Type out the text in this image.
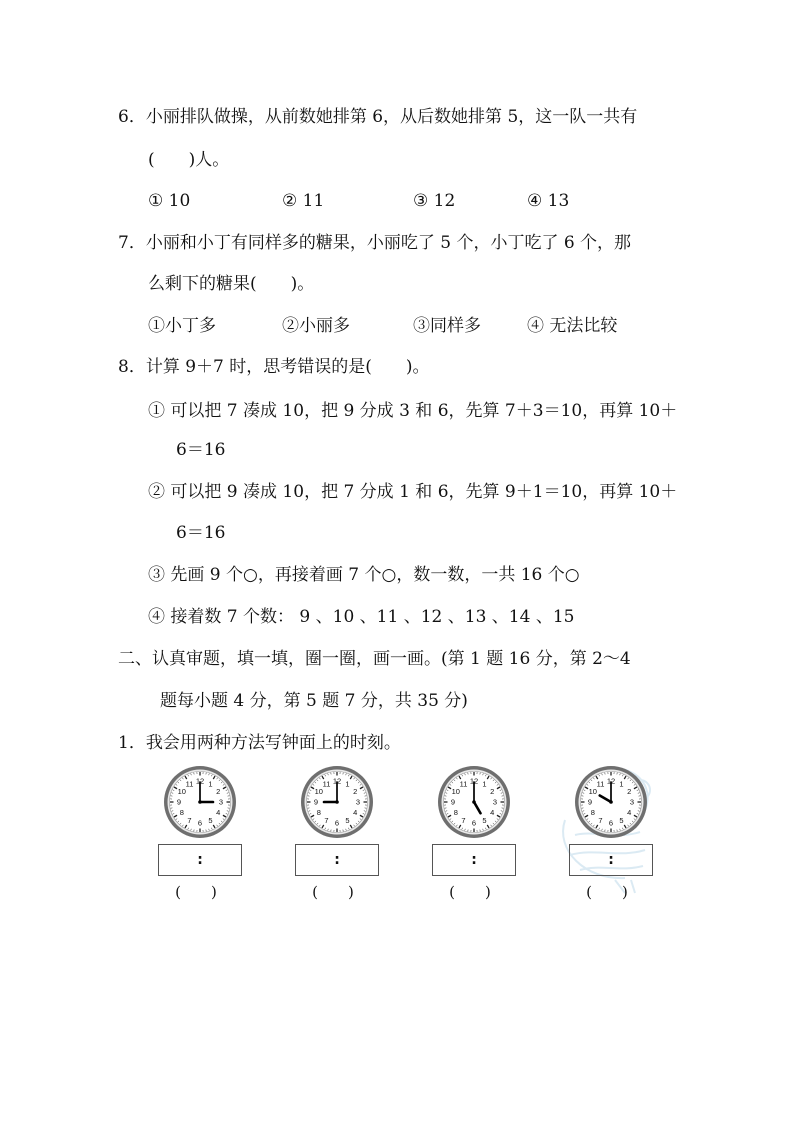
6．小丽排队做操，从前数她排第 6，从后数她排第 5，这一队一共有
(　　)人。
① 10	② 11	③ 12	④ 13
7．小丽和小丁有同样多的糖果，小丽吃了 5 个，小丁吃了 6 个，那
么剩下的糖果(　　)。
①小丁多	②小丽多	③同样多	④ 无法比较
8．计算 9＋7 时，思考错误的是(　　)。
① 可以把 7 凑成 10，把 9 分成 3 和 6，先算 7＋3＝10，再算 10＋
6＝16
② 可以把 9 凑成 10，把 7 分成 1 和 6，先算 9＋1＝10，再算 10＋
6＝16
③ 先画 9 个○，再接着画 7 个○，数一数，一共 16 个○
④ 接着数 7 个数： 9 、10 、11 、12 、13 、14 、15
二、认真审题，填一填，圈一圈，画一画。(第 1 题 16 分，第 2～4
题每小题 4 分，第 5 题 7 分，共 35 分)
1．我会用两种方法写钟面上的时刻。
12 1
2
3
4
5
6
7
8
9
10
11
:
(　　)
12 1
2
3
4
5
6
7
8
9
10
11
:
(　　)
12 1
2
3
4
5
6
7
8
9
10
11
:
(　　)
12 1
2
3
4
5
6
7
8
9
10
11
:
(　　)
